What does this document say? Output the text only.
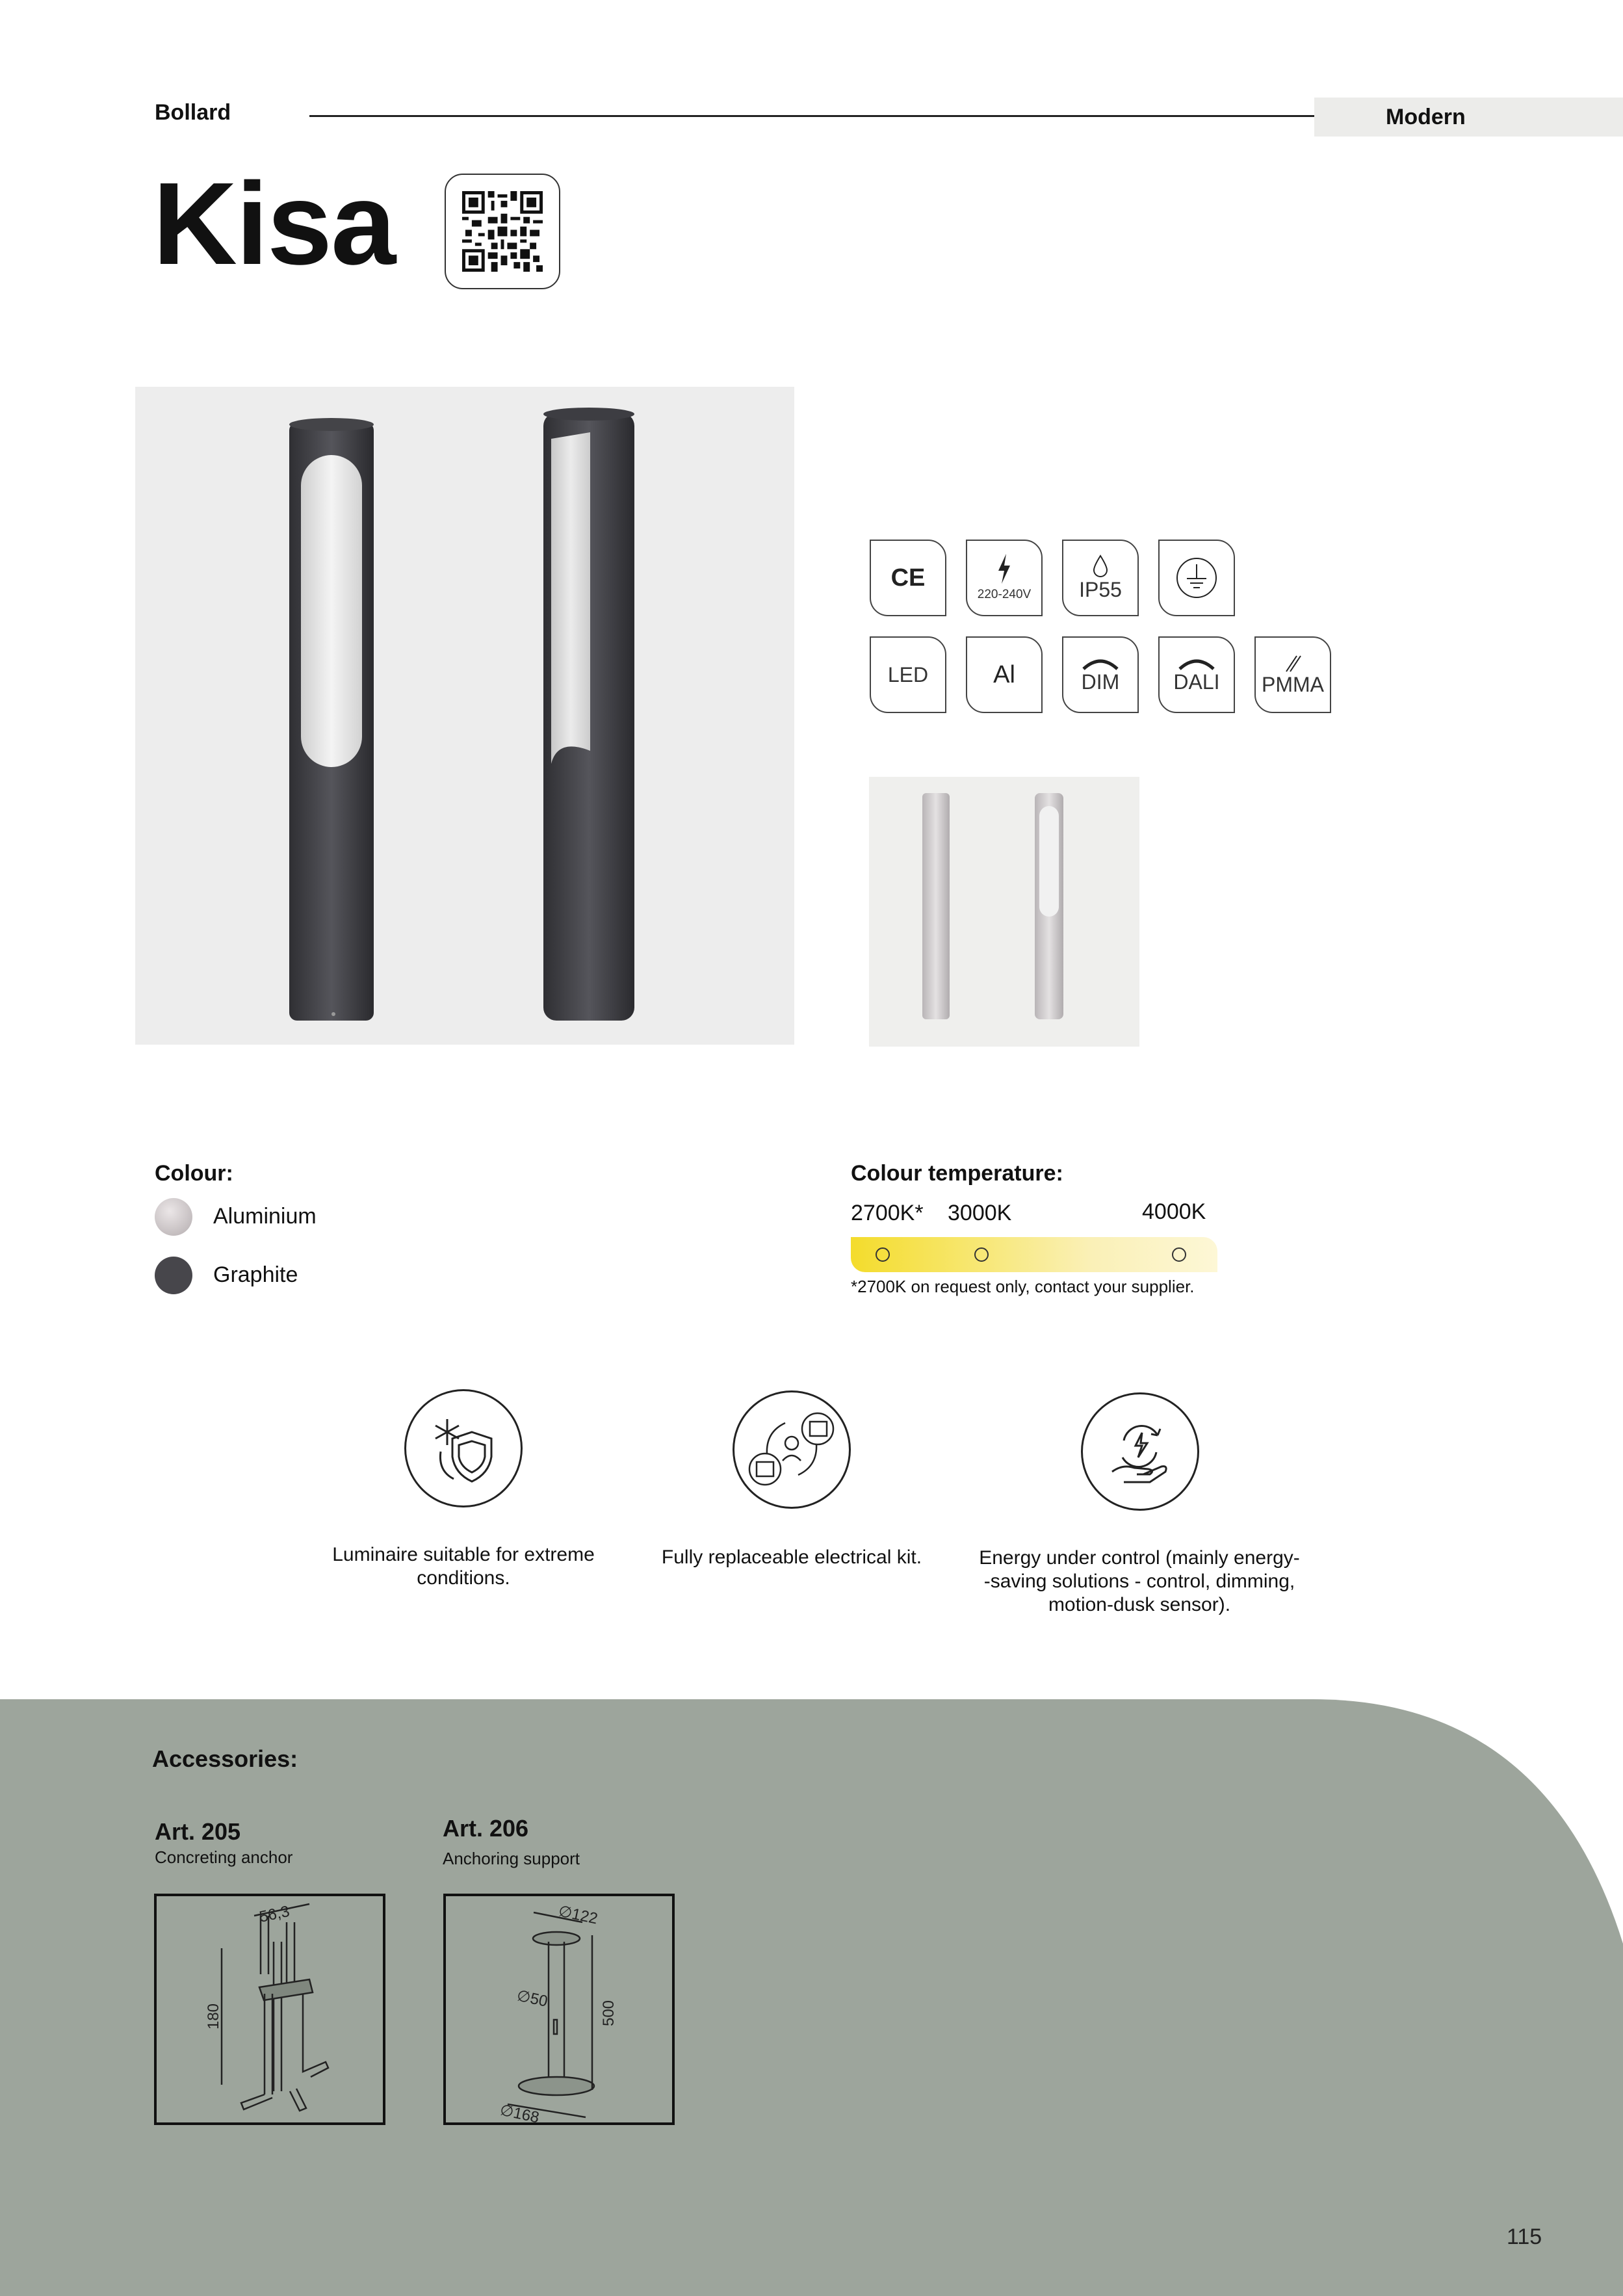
Bollard	Modern
Kisa
CE
220-240V IP55
LED	Al	DIM	DALI PMMA
Colour:
Aluminium
Graphite
Colour temperature:
2700K* 3000K	4000K
*2700K on request only, contact your supplier.
Luminaire suitable for extreme
conditions.
Fully replaceable electrical kit.	Energy under control (mainly energy-
-saving solutions - control, dimming,
motion-dusk sensor).
Accessories:
Art. 205
Concreting anchor
Art. 206
Anchoring support
180
56,3	∅122
∅50
500
∅168
115
